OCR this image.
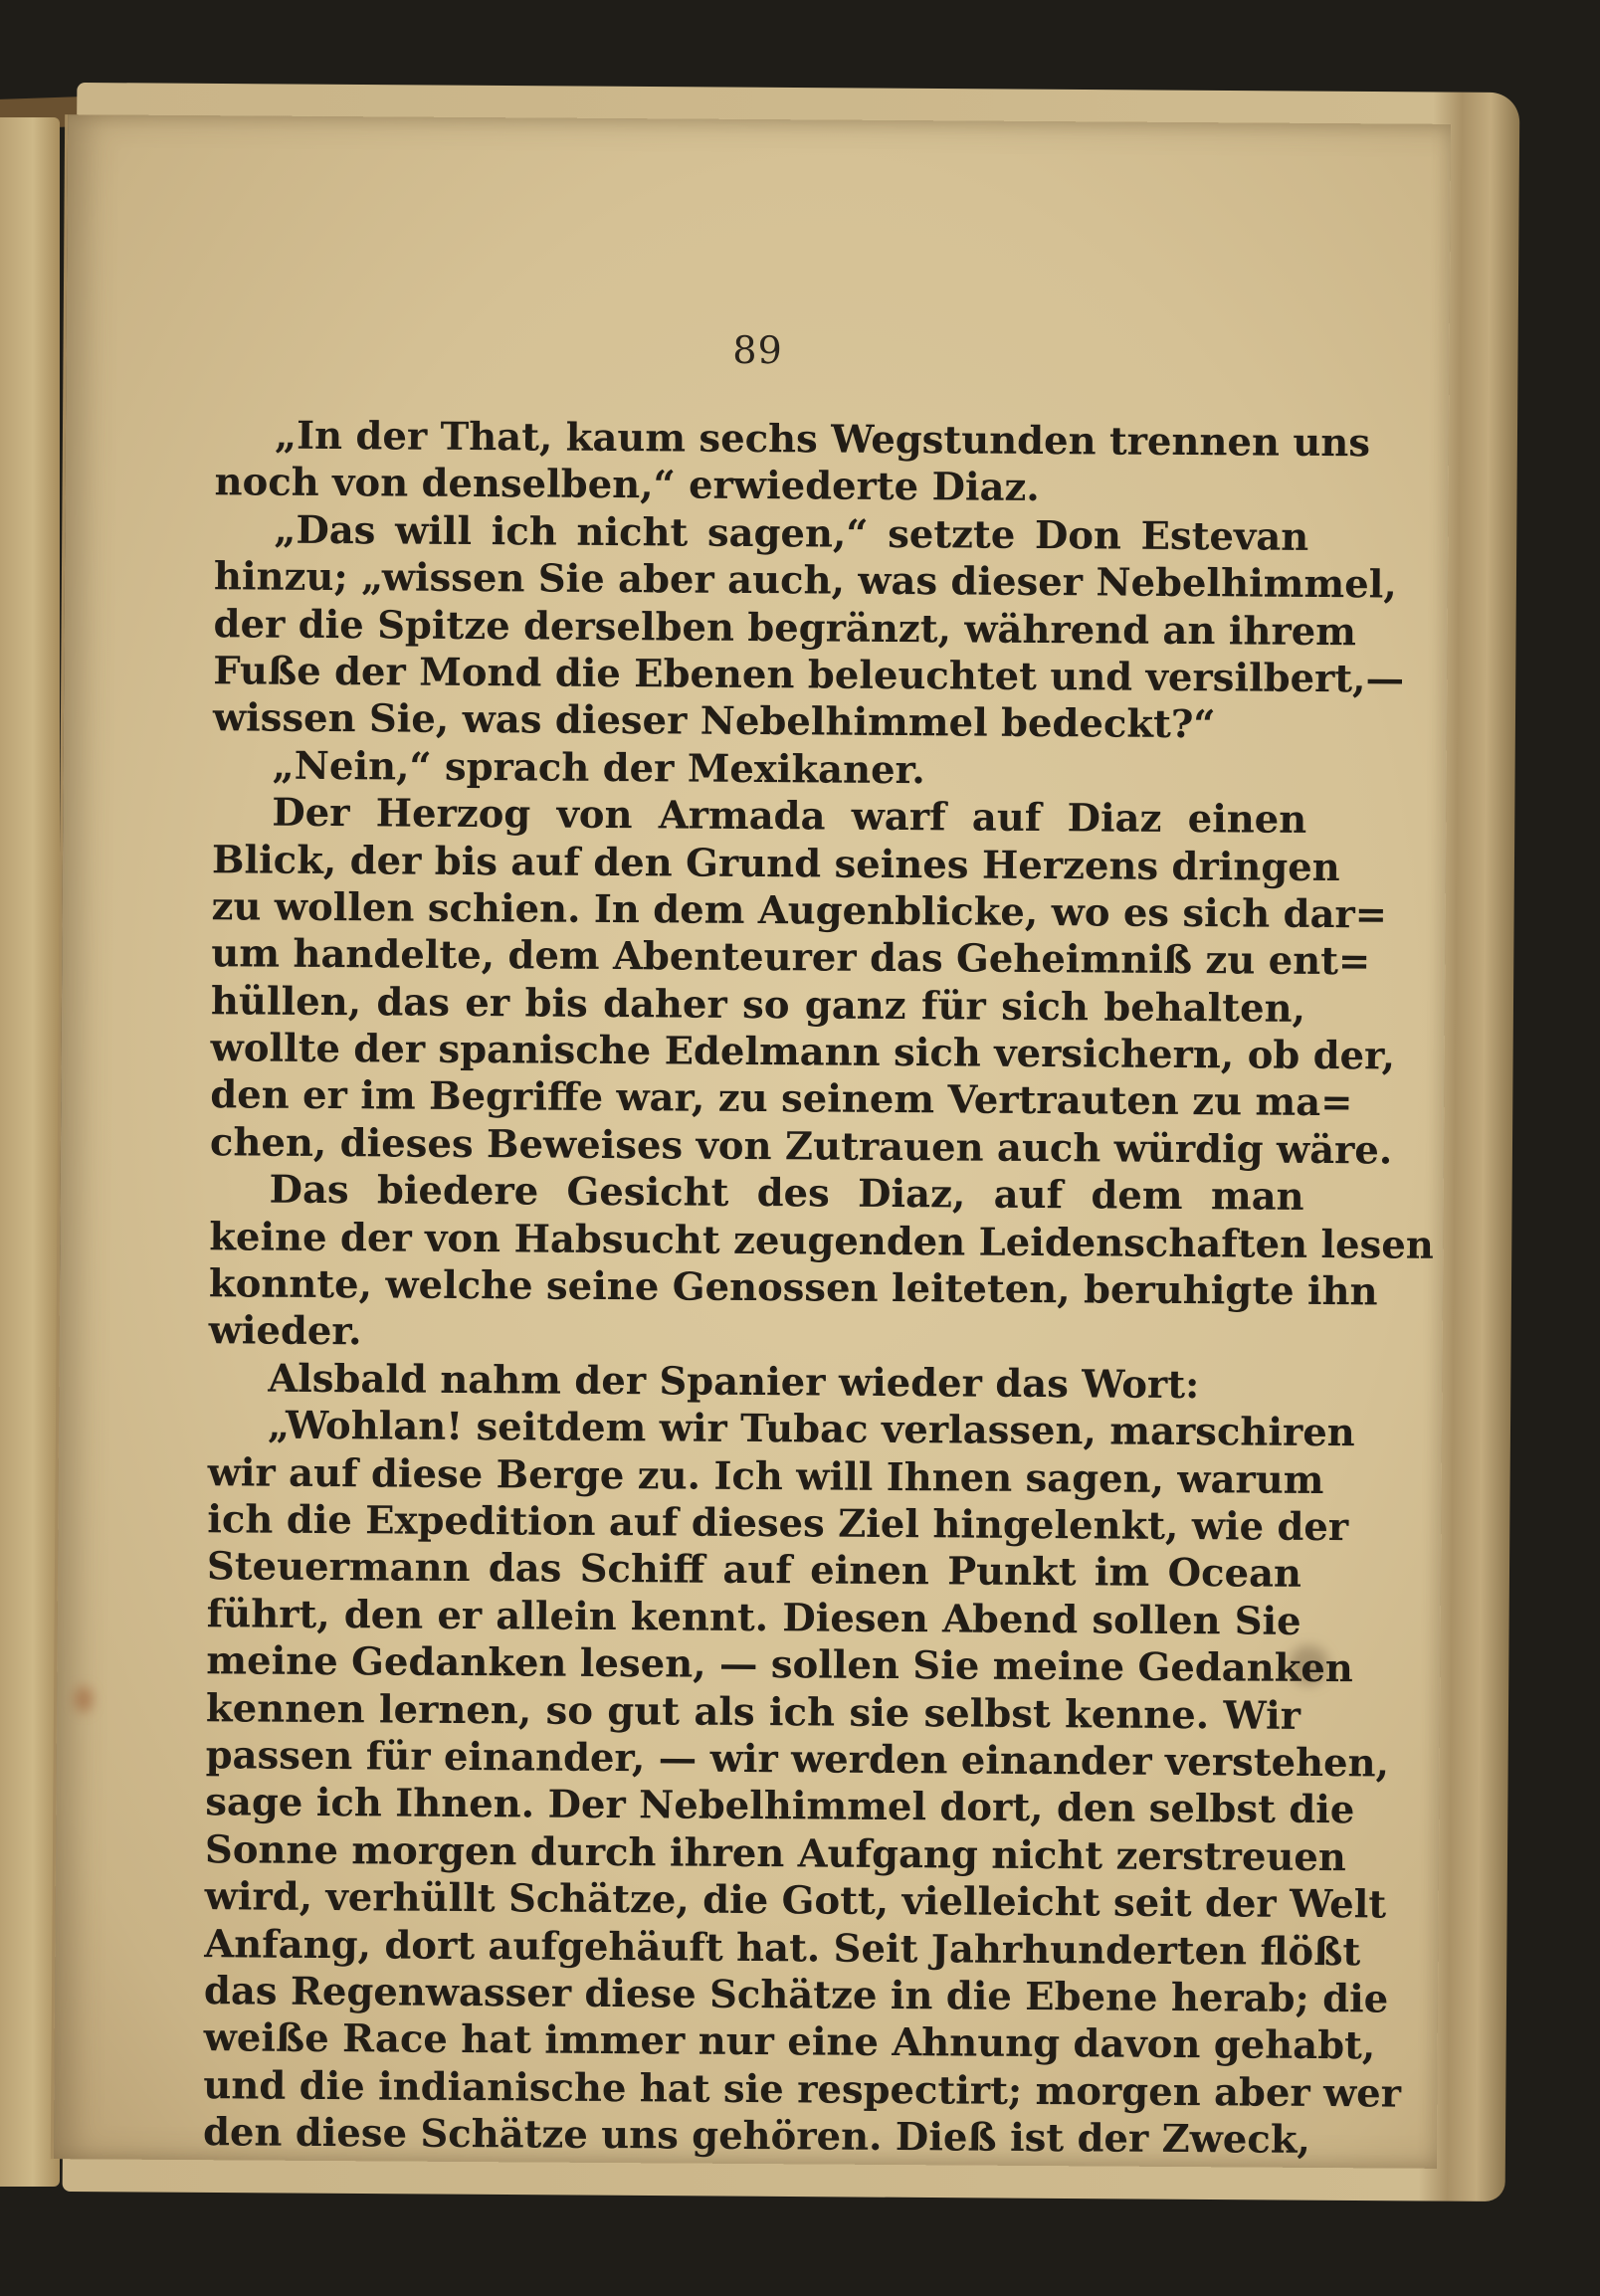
89
„In der That, kaum sechs Wegstunden trennen uns
noch von denselben,“ erwiederte Diaz.
„Das will ich nicht sagen,“ setzte Don Estevan
hinzu; „wissen Sie aber auch, was dieser Nebelhimmel,
der die Spitze derselben begränzt, während an ihrem
Fuße der Mond die Ebenen beleuchtet und versilbert,—
wissen Sie, was dieser Nebelhimmel bedeckt?“
„Nein,“ sprach der Mexikaner.
Der Herzog von Armada warf auf Diaz einen
Blick, der bis auf den Grund seines Herzens dringen
zu wollen schien. In dem Augenblicke, wo es sich dar=
um handelte, dem Abenteurer das Geheimniß zu ent=
hüllen, das er bis daher so ganz für sich behalten,
wollte der spanische Edelmann sich versichern, ob der,
den er im Begriffe war, zu seinem Vertrauten zu ma=
chen, dieses Beweises von Zutrauen auch würdig wäre.
Das biedere Gesicht des Diaz, auf dem man
keine der von Habsucht zeugenden Leidenschaften lesen
konnte, welche seine Genossen leiteten, beruhigte ihn
wieder.
Alsbald nahm der Spanier wieder das Wort:
„Wohlan! seitdem wir Tubac verlassen, marschiren
wir auf diese Berge zu. Ich will Ihnen sagen, warum
ich die Expedition auf dieses Ziel hingelenkt, wie der
Steuermann das Schiff auf einen Punkt im Ocean
führt, den er allein kennt. Diesen Abend sollen Sie
meine Gedanken lesen, — sollen Sie meine Gedanken
kennen lernen, so gut als ich sie selbst kenne. Wir
passen für einander, — wir werden einander verstehen,
sage ich Ihnen. Der Nebelhimmel dort, den selbst die
Sonne morgen durch ihren Aufgang nicht zerstreuen
wird, verhüllt Schätze, die Gott, vielleicht seit der Welt
Anfang, dort aufgehäuft hat. Seit Jahrhunderten flößt
das Regenwasser diese Schätze in die Ebene herab; die
weiße Race hat immer nur eine Ahnung davon gehabt,
und die indianische hat sie respectirt; morgen aber wer
den diese Schätze uns gehören. Dieß ist der Zweck,
